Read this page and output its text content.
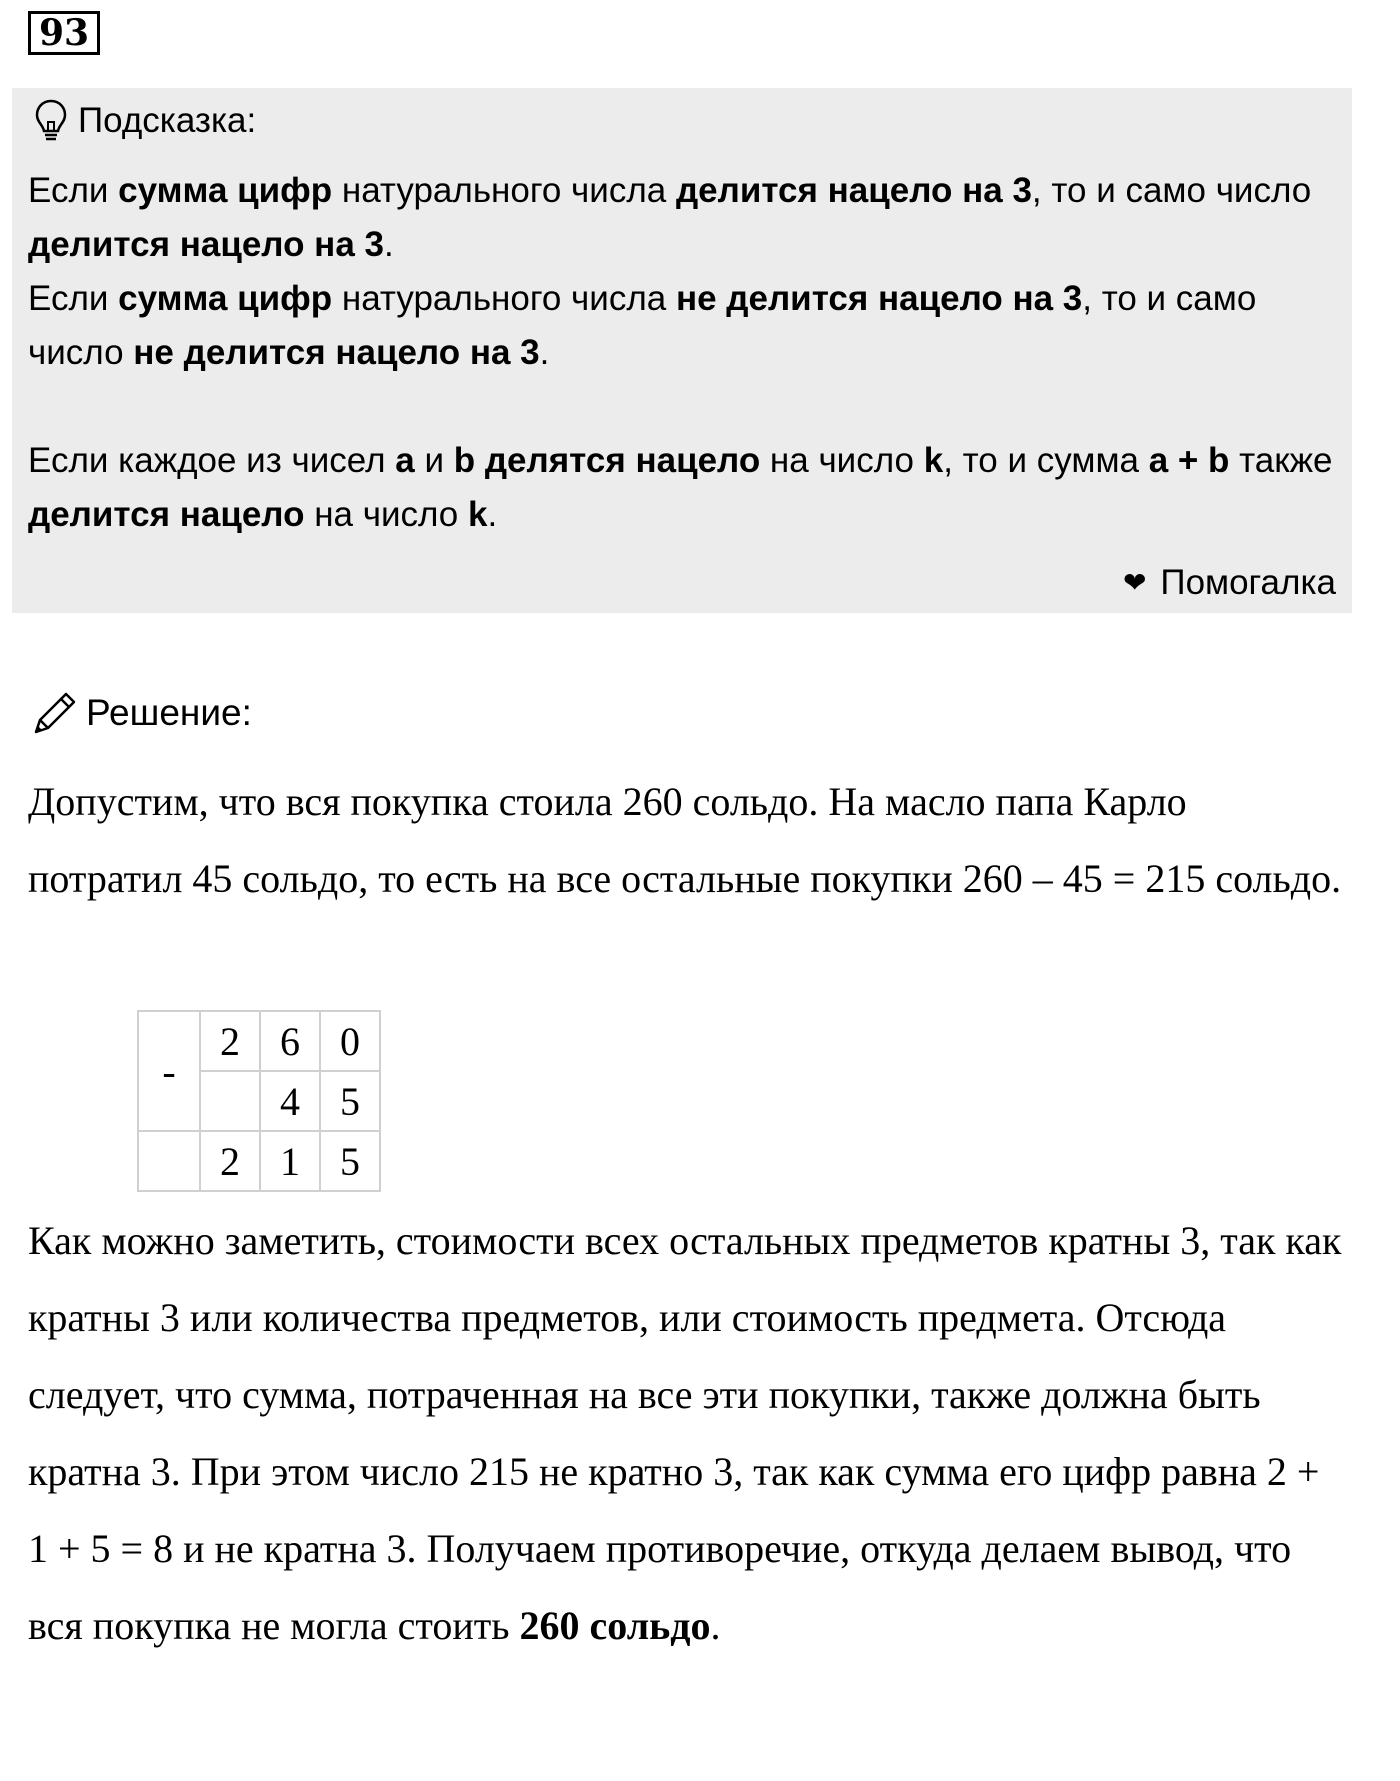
93
Подсказка:

Если сумма цифр натурального числа делится нацело на 3, то и само число делится нацело на 3.

Если сумма цифр натурального числа не делится нацело на 3, то и само число не делится нацело на 3.

Если каждое из чисел a и b делятся нацело на число k, то и сумма a + b также делится нацело на число k.

❤ Помогалка
Решение:

Допустим, что вся покупка стоила 260 сольдо. На масло папа Карло потратил 45 сольдо, то есть на все остальные покупки 260 – 45 = 215 сольдо.

-	2	6	0
		4	5
	2	1	5

Как можно заметить, стоимости всех остальных предметов кратны 3, так как кратны 3 или количества предметов, или стоимость предмета. Отсюда следует, что сумма, потраченная на все эти покупки, также должна быть кратна 3. При этом число 215 не кратно 3, так как сумма его цифр равна 2 + 1 + 5 = 8 и не кратна 3. Получаем противоречие, откуда делаем вывод, что вся покупка не могла стоить 260 сольдо.
